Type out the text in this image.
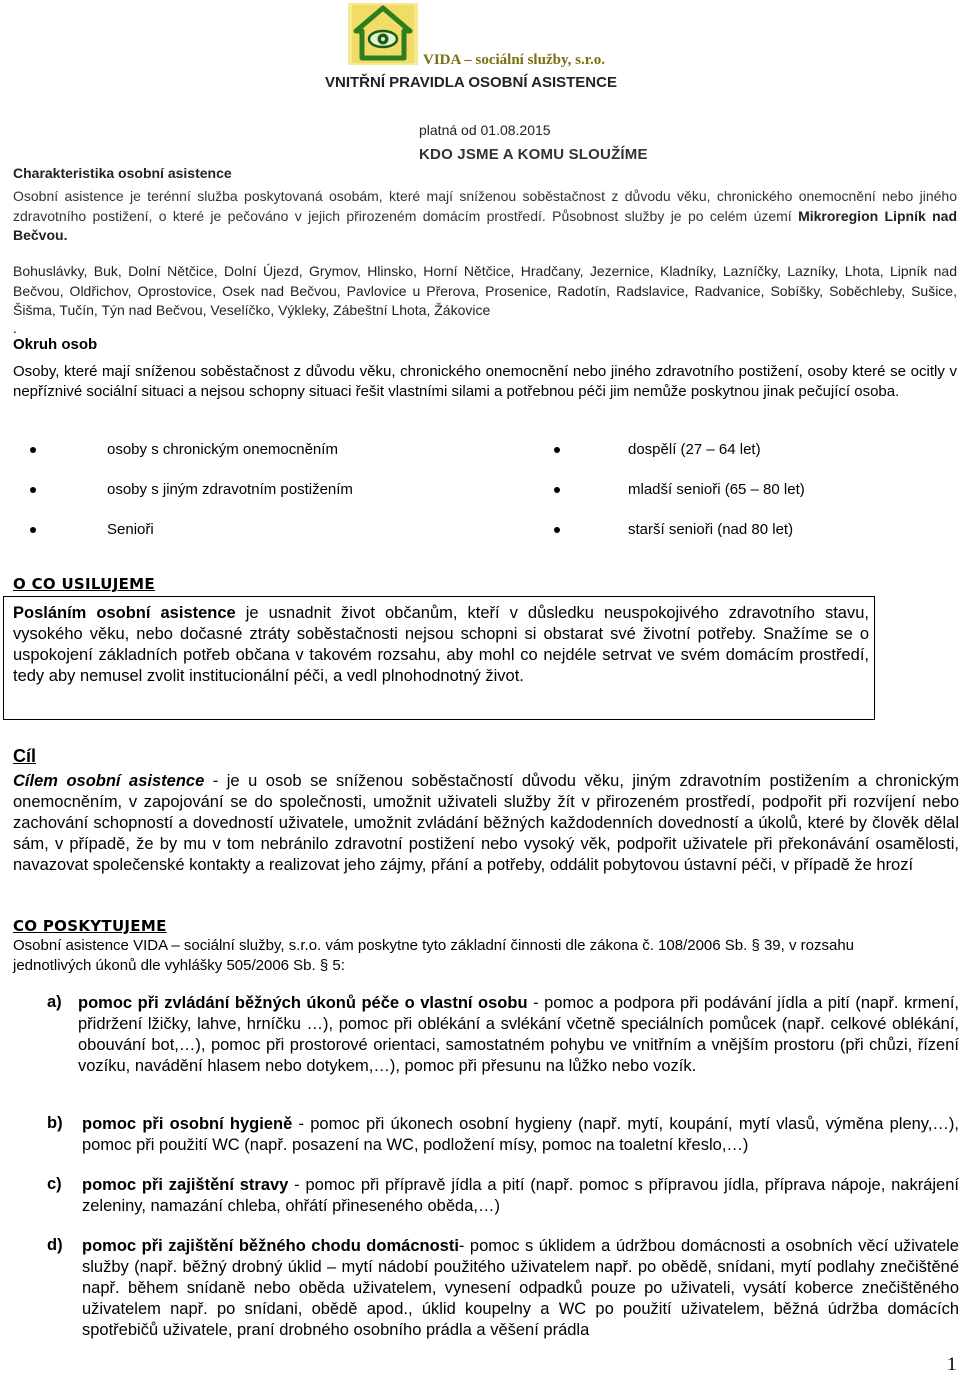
VIDA – sociální služby, s.r.o.
VNITŘNÍ PRAVIDLA OSOBNÍ ASISTENCE
platná od 01.08.2015
KDO JSME A KOMU SLOUŽÍME
Charakteristika osobní asistence
Osobní asistence je terénní služba poskytovaná osobám, které mají sníženou soběstačnost z důvodu věku, chronického onemocnění nebo jiného zdravotního postižení, o které je pečováno v jejich přirozeném domácím prostředí. Působnost služby je po celém území Mikroregion Lipník nad Bečvou.
Bohuslávky, Buk, Dolní Nětčice, Dolní Újezd, Grymov, Hlinsko, Horní Nětčice, Hradčany, Jezernice, Kladníky, Lazníčky, Lazníky, Lhota, Lipník nad Bečvou, Oldřichov, Oprostovice, Osek nad Bečvou, Pavlovice u Přerova, Prosenice, Radotín, Radslavice, Radvanice, Sobíšky, Soběchleby, Sušice, Šišma, Tučín, Týn nad Bečvou, Veselíčko, Výkleky, Zábeštní Lhota, Žákovice
.
Okruh osob
Osoby, které mají sníženou soběstačnost z důvodu věku, chronického onemocnění nebo jiného zdravotního postižení, osoby které se ocitly v nepříznivé sociální situaci a nejsou schopny situaci řešit vlastními silami a potřebnou péči jim nemůže poskytnou jinak pečující osoba.
osoby s chronickým onemocněním
osoby s jiným zdravotním postižením
Senioři
dospělí (27 – 64 let)
mladší senioři (65 – 80 let)
starší senioři (nad 80 let)
O CO USILUJEME
Posláním osobní asistence je usnadnit život občanům, kteří v důsledku neuspokojivého zdravotního stavu, vysokého věku, nebo dočasné ztráty soběstačnosti nejsou schopni si obstarat své životní potřeby. Snažíme se o uspokojení základních potřeb občana v takovém rozsahu, aby mohl co nejdéle setrvat ve svém domácím prostředí, tedy aby nemusel zvolit institucionální péči, a vedl plnohodnotný život.
Cíl
Cílem osobní asistence - je u osob se sníženou soběstačností důvodu věku, jiným zdravotním postižením a chronickým onemocněním, v zapojování se do společnosti, umožnit uživateli služby žít v přirozeném prostředí, podpořit při rozvíjení nebo zachování schopností a dovedností uživatele, umožnit zvládání běžných každodenních dovedností a úkolů, které by člověk dělal sám, v případě, že by mu v tom nebránilo zdravotní postižení nebo vysoký věk, podpořit uživatele při překonávání osamělosti, navazovat společenské kontakty a realizovat jeho zájmy, přání a potřeby, oddálit pobytovou ústavní péči, v případě že hrozí
CO POSKYTUJEME
Osobní asistence VIDA – sociální služby, s.r.o. vám poskytne tyto základní činnosti dle zákona č. 108/2006 Sb. § 39, v rozsahu jednotlivých úkonů dle vyhlášky 505/2006 Sb. § 5:
a) pomoc při zvládání běžných úkonů péče o vlastní osobu - pomoc a podpora při podávání jídla a pití (např. krmení, přidržení lžičky, lahve, hrníčku …), pomoc při oblékání a svlékání včetně speciálních pomůcek (např. celkové oblékání, obouvání bot,…), pomoc při prostorové orientaci, samostatném pohybu ve vnitřním a vnějším prostoru (při chůzi, řízení vozíku, navádění hlasem nebo dotykem,…), pomoc při přesunu na lůžko nebo vozík.
b) pomoc při osobní hygieně - pomoc při úkonech osobní hygieny (např. mytí, koupání, mytí vlasů, výměna pleny,…), pomoc při použití WC (např. posazení na WC, podložení mísy, pomoc na toaletní křeslo,…)
c) pomoc při zajištění stravy - pomoc při přípravě jídla a pití (např. pomoc s přípravou jídla, příprava nápoje, nakrájení zeleniny, namazání chleba, ohřátí přineseného oběda,…)
d) pomoc při zajištění běžného chodu domácnosti- pomoc s úklidem a údržbou domácnosti a osobních věcí uživatele služby (např. běžný drobný úklid – mytí nádobí použitého uživatelem např. po obědě, snídani, mytí podlahy znečištěné např. během snídaně nebo oběda uživatelem, vynesení odpadků pouze po uživateli, vysátí koberce znečištěného uživatelem např. po snídani, obědě apod., úklid koupelny a WC po použití uživatelem, běžná údržba domácích spotřebičů uživatele, praní drobného osobního prádla a věšení prádla
1
